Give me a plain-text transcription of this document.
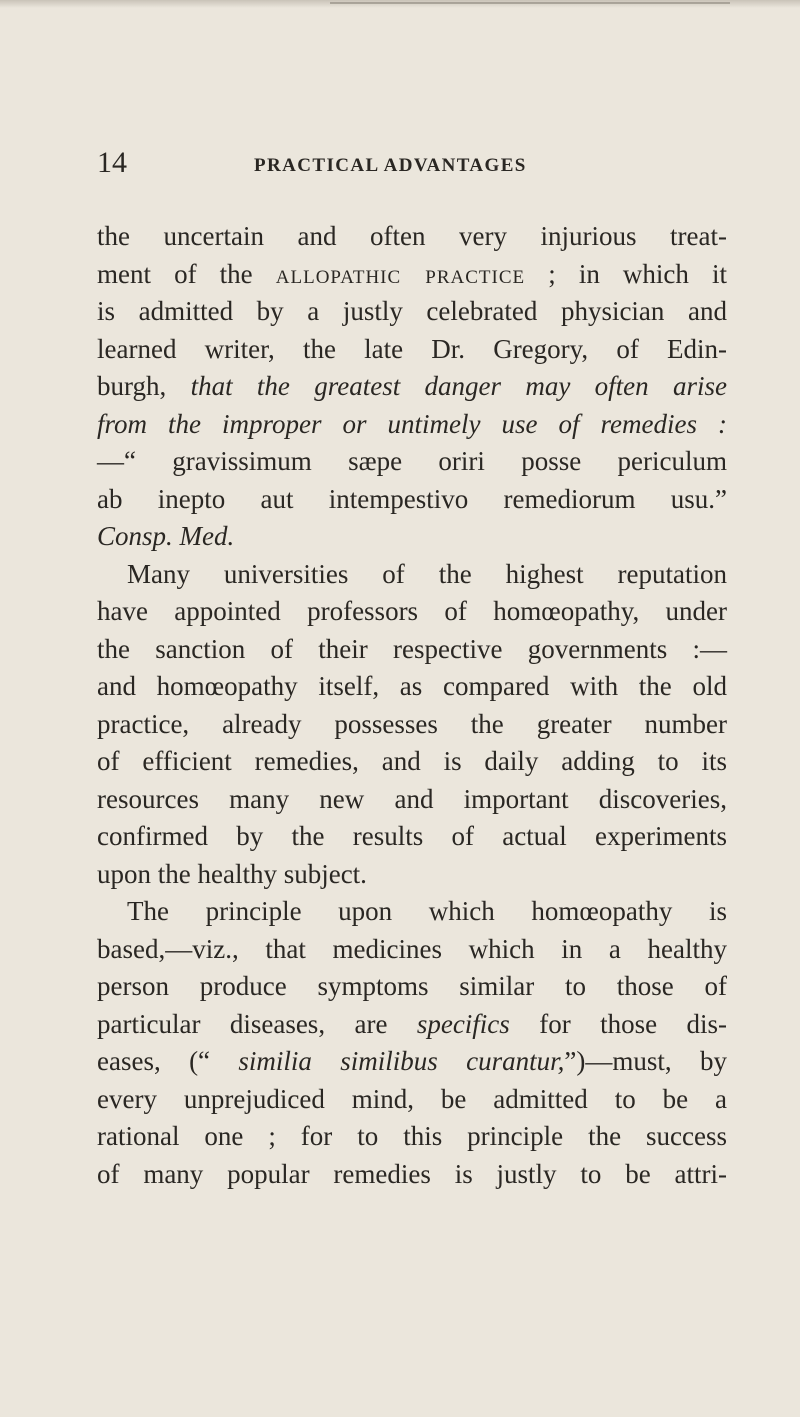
14	PRACTICAL ADVANTAGES
the uncertain and often very injurious treat-
ment of the allopathic practice ; in which it
is admitted by a justly celebrated physician and
learned writer, the late Dr. Gregory, of Edin-
burgh, that the greatest danger may often arise
from the improper or untimely use of remedies :
—“ gravissimum sæpe oriri posse periculum
ab inepto aut intempestivo remediorum usu.”
Consp. Med.
Many universities of the highest reputation
have appointed professors of homœopathy, under
the sanction of their respective governments :—
and homœopathy itself, as compared with the old
practice, already possesses the greater number
of efficient remedies, and is daily adding to its
resources many new and important discoveries,
confirmed by the results of actual experiments
upon the healthy subject.
The principle upon which homœopathy is
based,—viz., that medicines which in a healthy
person produce symptoms similar to those of
particular diseases, are specifics for those dis-
eases, (“ similia similibus curantur,”)—must, by
every unprejudiced mind, be admitted to be a
rational one ; for to this principle the success
of many popular remedies is justly to be attri-
